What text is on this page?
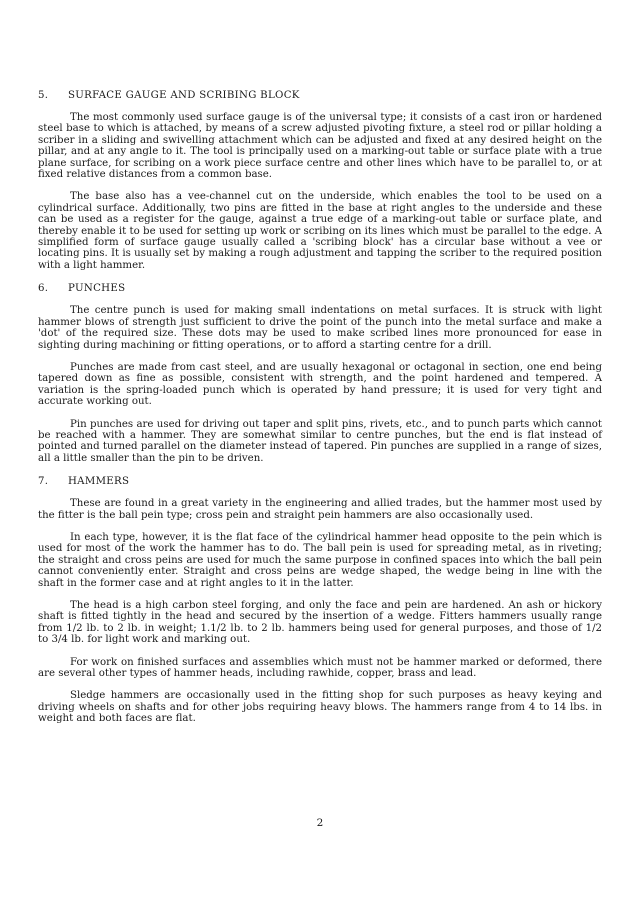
5.	SURFACE GAUGE AND SCRIBING BLOCK

The most commonly used surface gauge is of the universal type; it consists of a cast iron or hardened steel base to which is attached, by means of a screw adjusted pivoting fixture, a steel rod or pillar holding a scriber in a sliding and swivelling attachment which can be adjusted and fixed at any desired height on the pillar, and at any angle to it. The tool is principally used on a marking-out table or surface plate with a true plane surface, for scribing on a work piece surface centre and other lines which have to be parallel to, or at fixed relative distances from a common base.

The base also has a vee-channel cut on the underside, which enables the tool to be used on a cylindrical surface. Additionally, two pins are fitted in the base at right angles to the underside and these can be used as a register for the gauge, against a true edge of a marking-out table or surface plate, and thereby enable it to be used for setting up work or scribing on its lines which must be parallel to the edge. A simplified form of surface gauge usually called a 'scribing block' has a circular base without a vee or locating pins. It is usually set by making a rough adjustment and tapping the scriber to the required position with a light hammer.

6.	PUNCHES

The centre punch is used for making small indentations on metal surfaces. It is struck with light hammer blows of strength just sufficient to drive the point of the punch into the metal surface and make a 'dot' of the required size. These dots may be used to make scribed lines more pronounced for ease in sighting during machining or fitting operations, or to afford a starting centre for a drill.

Punches are made from cast steel, and are usually hexagonal or octagonal in section, one end being tapered down as fine as possible, consistent with strength, and the point hardened and tempered. A variation is the spring-loaded punch which is operated by hand pressure; it is used for very tight and accurate working out.

Pin punches are used for driving out taper and split pins, rivets, etc., and to punch parts which cannot be reached with a hammer. They are somewhat similar to centre punches, but the end is flat instead of pointed and turned parallel on the diameter instead of tapered. Pin punches are supplied in a range of sizes, all a little smaller than the pin to be driven.

7.	HAMMERS

These are found in a great variety in the engineering and allied trades, but the hammer most used by the fitter is the ball pein type; cross pein and straight pein hammers are also occasionally used.

In each type, however, it is the flat face of the cylindrical hammer head opposite to the pein which is used for most of the work the hammer has to do. The ball pein is used for spreading metal, as in riveting; the straight and cross peins are used for much the same purpose in confined spaces into which the ball pein cannot conveniently enter. Straight and cross peins are wedge shaped, the wedge being in line with the shaft in the former case and at right angles to it in the latter.

The head is a high carbon steel forging, and only the face and pein are hardened. An ash or hickory shaft is fitted tightly in the head and secured by the insertion of a wedge. Fitters hammers usually range from 1/2 lb. to 2 lb. in weight; 1.1/2 lb. to 2 lb. hammers being used for general purposes, and those of 1/2 to 3/4 lb. for light work and marking out.

For work on finished surfaces and assemblies which must not be hammer marked or deformed, there are several other types of hammer heads, including rawhide, copper, brass and lead.

Sledge hammers are occasionally used in the fitting shop for such purposes as heavy keying and driving wheels on shafts and for other jobs requiring heavy blows. The hammers range from 4 to 14 lbs. in weight and both faces are flat.

2
